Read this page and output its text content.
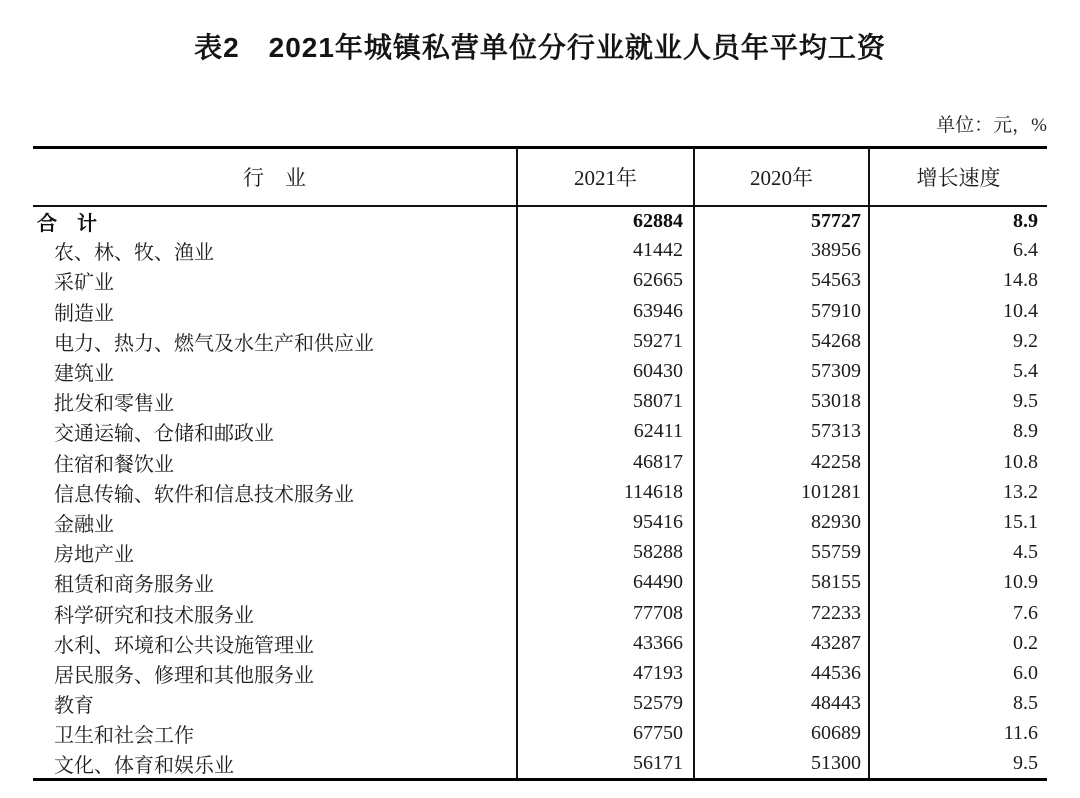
表2　2021年城镇私营单位分行业就业人员年平均工资
单位：元，%
行　业	2021年	2020年	增长速度
合　计	62884	57727	8.9
农、林、牧、渔业	41442	38956	6.4
采矿业	62665	54563	14.8
制造业	63946	57910	10.4
电力、热力、燃气及水生产和供应业	59271	54268	9.2
建筑业	60430	57309	5.4
批发和零售业	58071	53018	9.5
交通运输、仓储和邮政业	62411	57313	8.9
住宿和餐饮业	46817	42258	10.8
信息传输、软件和信息技术服务业	114618	101281	13.2
金融业	95416	82930	15.1
房地产业	58288	55759	4.5
租赁和商务服务业	64490	58155	10.9
科学研究和技术服务业	77708	72233	7.6
水利、环境和公共设施管理业	43366	43287	0.2
居民服务、修理和其他服务业	47193	44536	6.0
教育	52579	48443	8.5
卫生和社会工作	67750	60689	11.6
文化、体育和娱乐业	56171	51300	9.5
